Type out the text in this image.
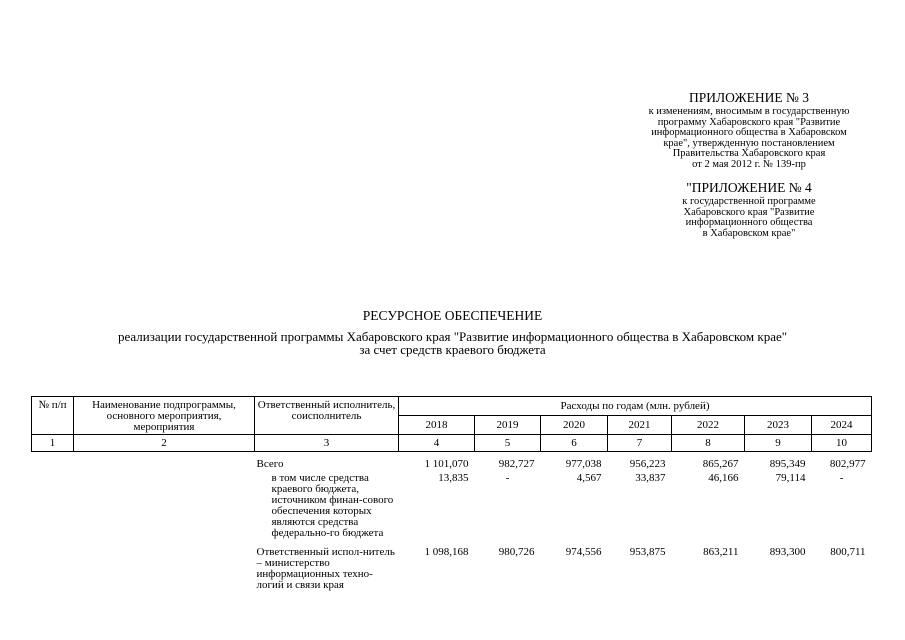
ПРИЛОЖЕНИЕ № 3
к изменениям, вносимым в государственную
программу Хабаровского края "Развитие
информационного общества в Хабаровском
крае", утвержденную постановлением
Правительства Хабаровского края
от 2 мая 2012 г. № 139-пр
"ПРИЛОЖЕНИЕ № 4
к государственной программе
Хабаровского края "Развитие
информационного общества
в Хабаровском крае"
РЕСУРСНОЕ ОБЕСПЕЧЕНИЕ
реализации государственной программы Хабаровского края "Развитие информационного общества в Хабаровском крае"
за счет средств краевого бюджета
№ п/п	Наименование подпрограммы, основного мероприятия, мероприятия	Ответственный исполнитель, соисполнитель	Расходы по годам (млн. рублей)						
			2018	2019	2020	2021	2022	2023	2024
1	2	3	4	5	6	7	8	9	10

		Всего	1 101,070	982,727	977,038	956,223	865,267	895,349	802,977
		в том числе средства краевого бюджета, источником финан-сового обеспечения которых являются средства федерально-го бюджета	13,835	-	4,567	33,837	46,166	79,114	-
		Ответственный испол-нитель – министерство информационных техно-логий и связи края	1 098,168	980,726	974,556	953,875	863,211	893,300	800,711
